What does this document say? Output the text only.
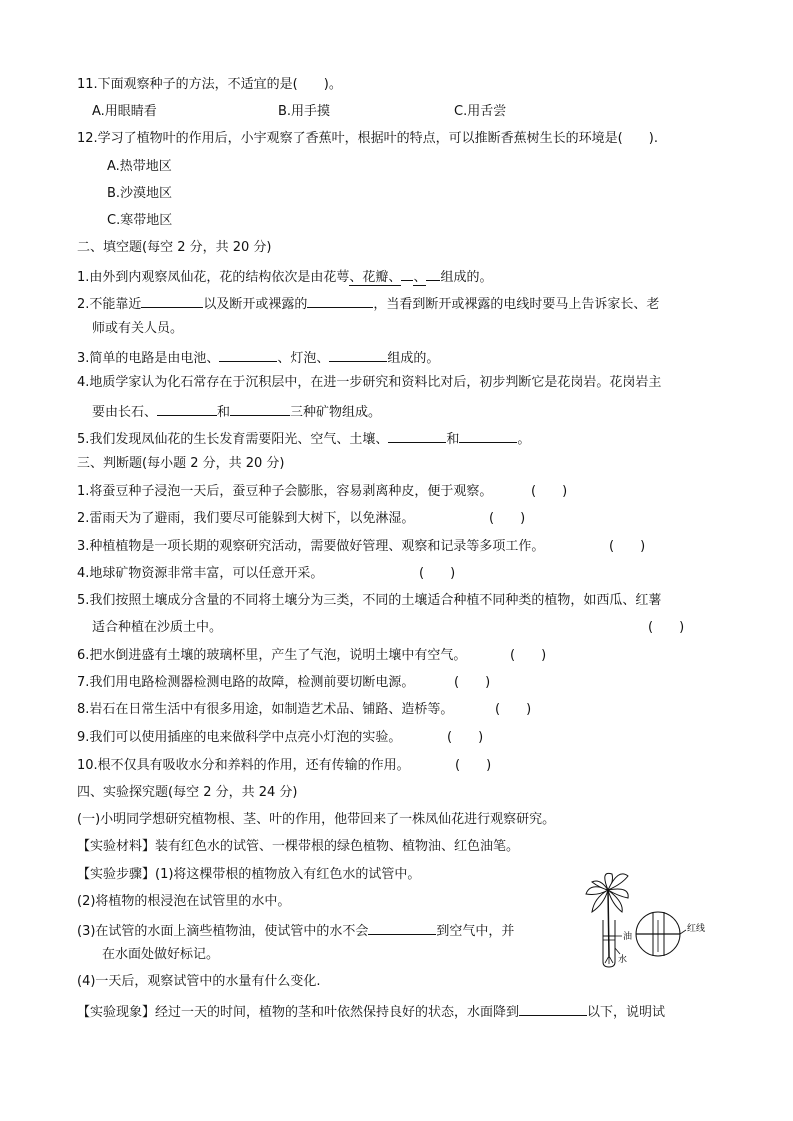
11.下面观察种子的方法，不适宜的是(　　)。
A.用眼睛看	B.用手摸	C.用舌尝
12.学习了植物叶的作用后，小宇观察了香蕉叶，根据叶的特点，可以推断香蕉树生长的环境是(　　).
A.热带地区
B.沙漠地区
C.寒带地区
二、填空题(每空 2 分，共 20 分)
1.由外到内观察凤仙花，花的结构依次是由花萼、花瓣、 、 组成的。
2.不能靠近	以及断开或裸露的	，当看到断开或裸露的电线时要马上告诉家长、老
师或有关人员。
3.简单的电路是由电池、	、灯泡、	组成的。
4.地质学家认为化石常存在于沉积层中，在进一步研究和资料比对后，初步判断它是花岗岩。花岗岩主
要由长石、	和	三种矿物组成。
5.我们发现凤仙花的生长发育需要阳光、空气、土壤、	和	。
三、判断题(每小题 2 分，共 20 分)
1.将蚕豆种子浸泡一天后，蚕豆种子会膨胀，容易剥离种皮，便于观察。	(　　)
2.雷雨天为了避雨，我们要尽可能躲到大树下，以免淋湿。	(　　)
3.种植植物是一项长期的观察研究活动，需要做好管理、观察和记录等多项工作。	(　　)
4.地球矿物资源非常丰富，可以任意开采。	(　　)
5.我们按照土壤成分含量的不同将土壤分为三类，不同的土壤适合种植不同种类的植物，如西瓜、红薯
适合种植在沙质土中。	(　　)
6.把水倒进盛有土壤的玻璃杯里，产生了气泡，说明土壤中有空气。	(　　)
7.我们用电路检测器检测电路的故障，检测前要切断电源。	(　　)
8.岩石在日常生活中有很多用途，如制造艺术品、铺路、造桥等。	(　　)
9.我们可以使用插座的电来做科学中点亮小灯泡的实验。	(　　)
10.根不仅具有吸收水分和养料的作用，还有传输的作用。	(　　)
四、实验探究题(每空 2 分，共 24 分)
(一)小明同学想研究植物根、茎、叶的作用，他带回来了一株凤仙花进行观察研究。
【实验材料】装有红色水的试管、一棵带根的绿色植物、植物油、红色油笔。
【实验步骤】(1)将这棵带根的植物放入有红色水的试管中。
(2)将植物的根浸泡在试管里的水中。
(3)在试管的水面上滴些植物油，使试管中的水不会	到空气中，并
在水面处做好标记。
(4)一天后，观察试管中的水量有什么变化.
【实验现象】经过一天的时间，植物的茎和叶依然保持良好的状态，水面降到	以下，说明试
油
水
红线
